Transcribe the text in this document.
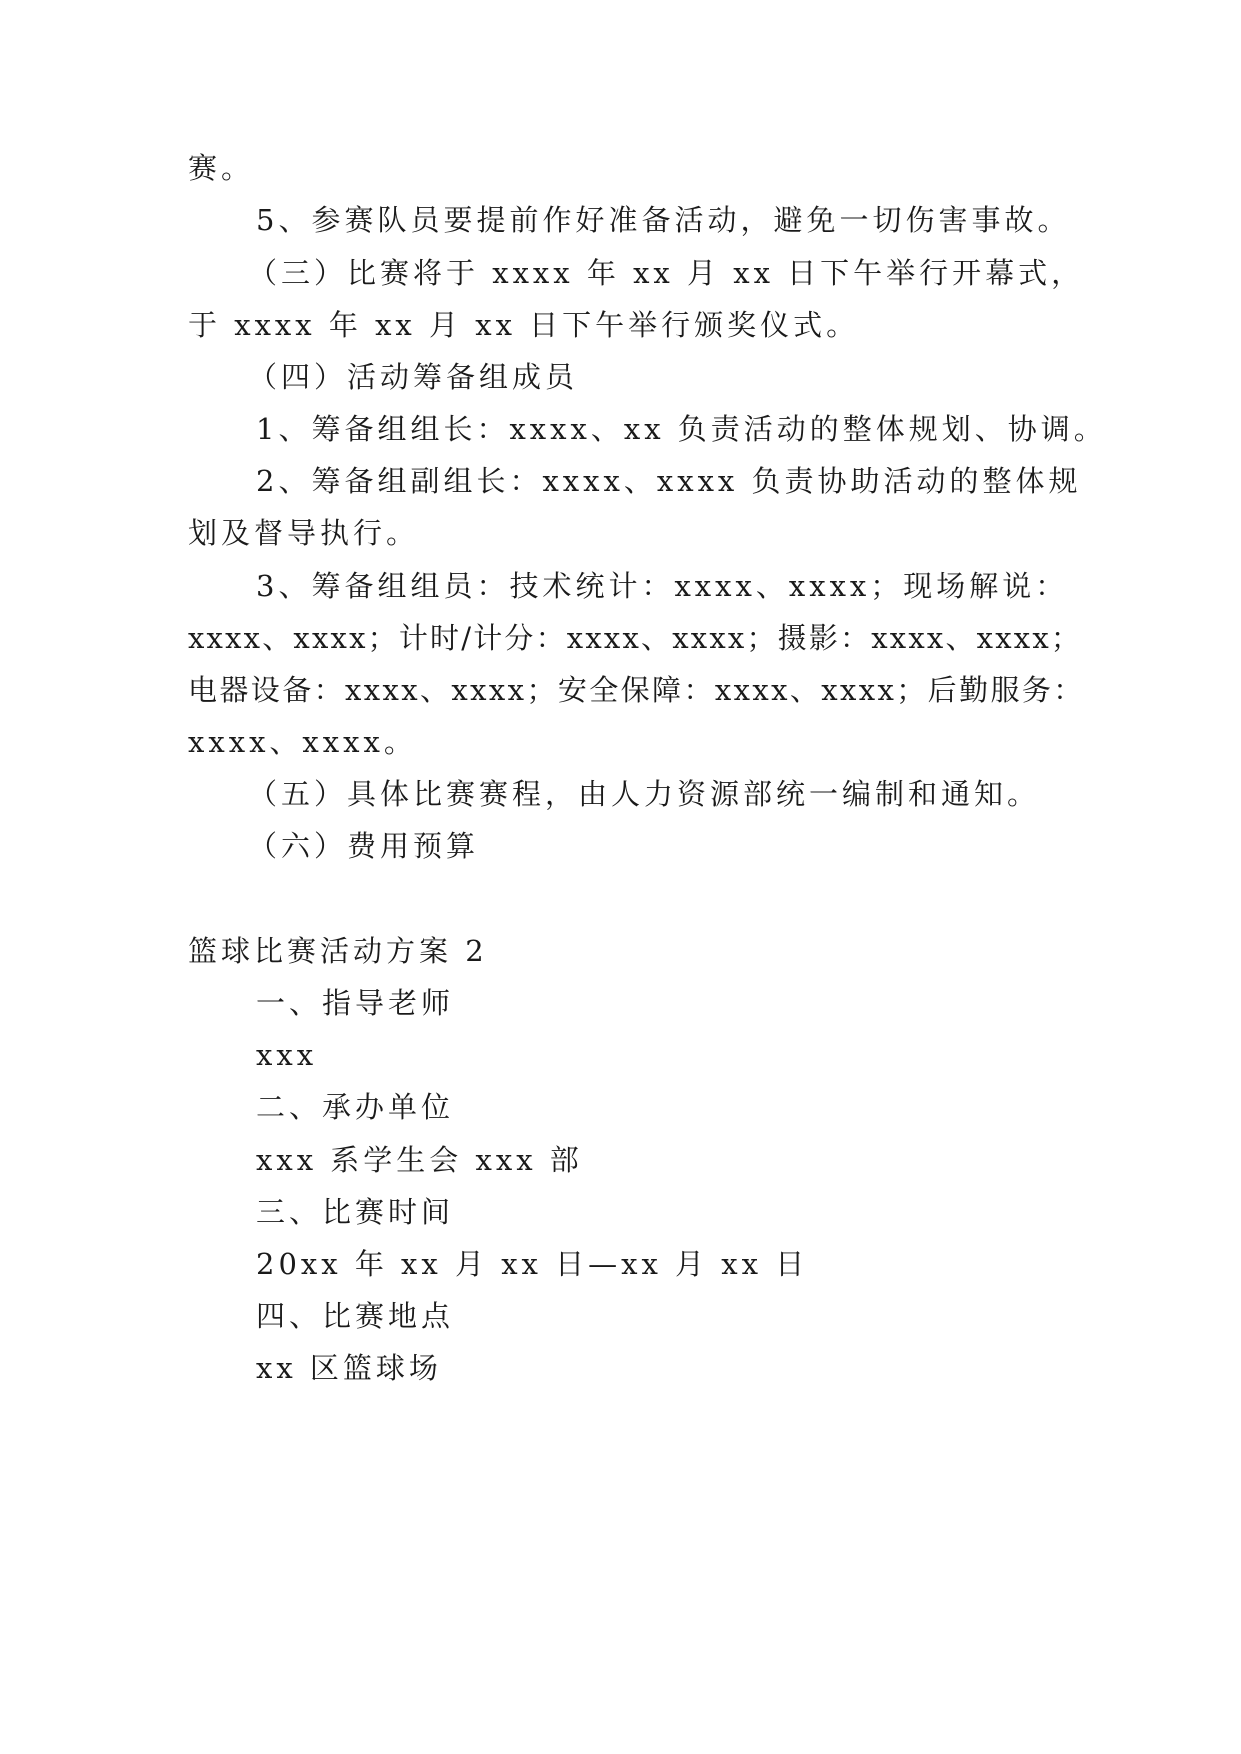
赛。
5、参赛队员要提前作好准备活动，避免一切伤害事故。
（三）比赛将于 xxxx 年 xx 月 xx 日下午举行开幕式，
于 xxxx 年 xx 月 xx 日下午举行颁奖仪式。
（四）活动筹备组成员
1、筹备组组长：xxxx、xx 负责活动的整体规划、协调。
2、筹备组副组长：xxxx、xxxx 负责协助活动的整体规
划及督导执行。
3、筹备组组员：技术统计：xxxx、xxxx；现场解说：
xxxx、xxxx；计时/计分：xxxx、xxxx；摄影：xxxx、xxxx；
电器设备：xxxx、xxxx；安全保障：xxxx、xxxx；后勤服务：
xxxx、xxxx。
（五）具体比赛赛程，由人力资源部统一编制和通知。
（六）费用预算
篮球比赛活动方案 2
一、指导老师
xxx
二、承办单位
xxx 系学生会 xxx 部
三、比赛时间
20xx 年 xx 月 xx 日—xx 月 xx 日
四、比赛地点
xx 区篮球场
